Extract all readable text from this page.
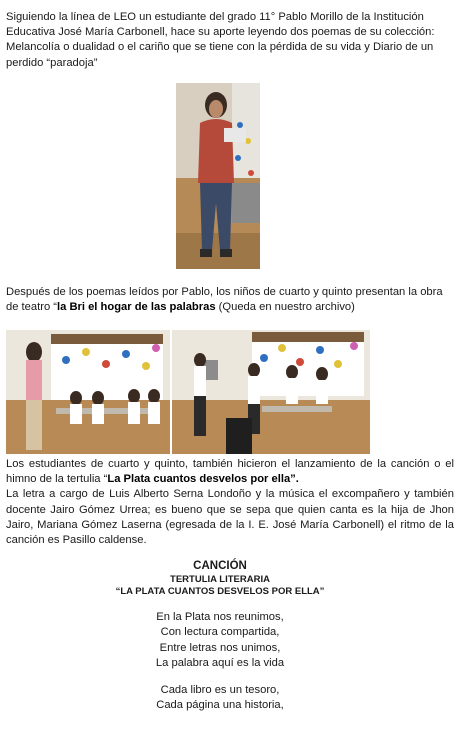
Siguiendo la línea de LEO un estudiante del grado 11° Pablo Morillo de la Institución Educativa José María Carbonell, hace su aporte leyendo dos poemas de su colección: Melancolía o dualidad o el cariño que se tiene con la pérdida de su vida y Diario de un perdido “paradoja”
Después de los poemas leídos por Pablo, los niños de cuarto y quinto presentan la obra de teatro “la Bri el hogar de las palabras (Queda en nuestro archivo)
Los estudiantes de cuarto y quinto, también hicieron el lanzamiento de la canción o el himno de la tertulia “La Plata cuantos desvelos por ella”.
La letra a cargo de Luis Alberto Serna Londoño y la música el excompañero y también docente Jairo Gómez Urrea; es bueno que se sepa que quien canta es la hija de Jhon Jairo, Mariana Gómez Laserna (egresada de la I. E. José María Carbonell) el ritmo de la canción es Pasillo caldense.
CANCIÓN
TERTULIA LITERARIA
“LA PLATA CUANTOS DESVELOS POR ELLA”
En la Plata nos reunimos,
Con lectura compartida,
Entre letras nos unimos,
La palabra aquí es la vida
Cada libro es un tesoro,
Cada página una historia,
